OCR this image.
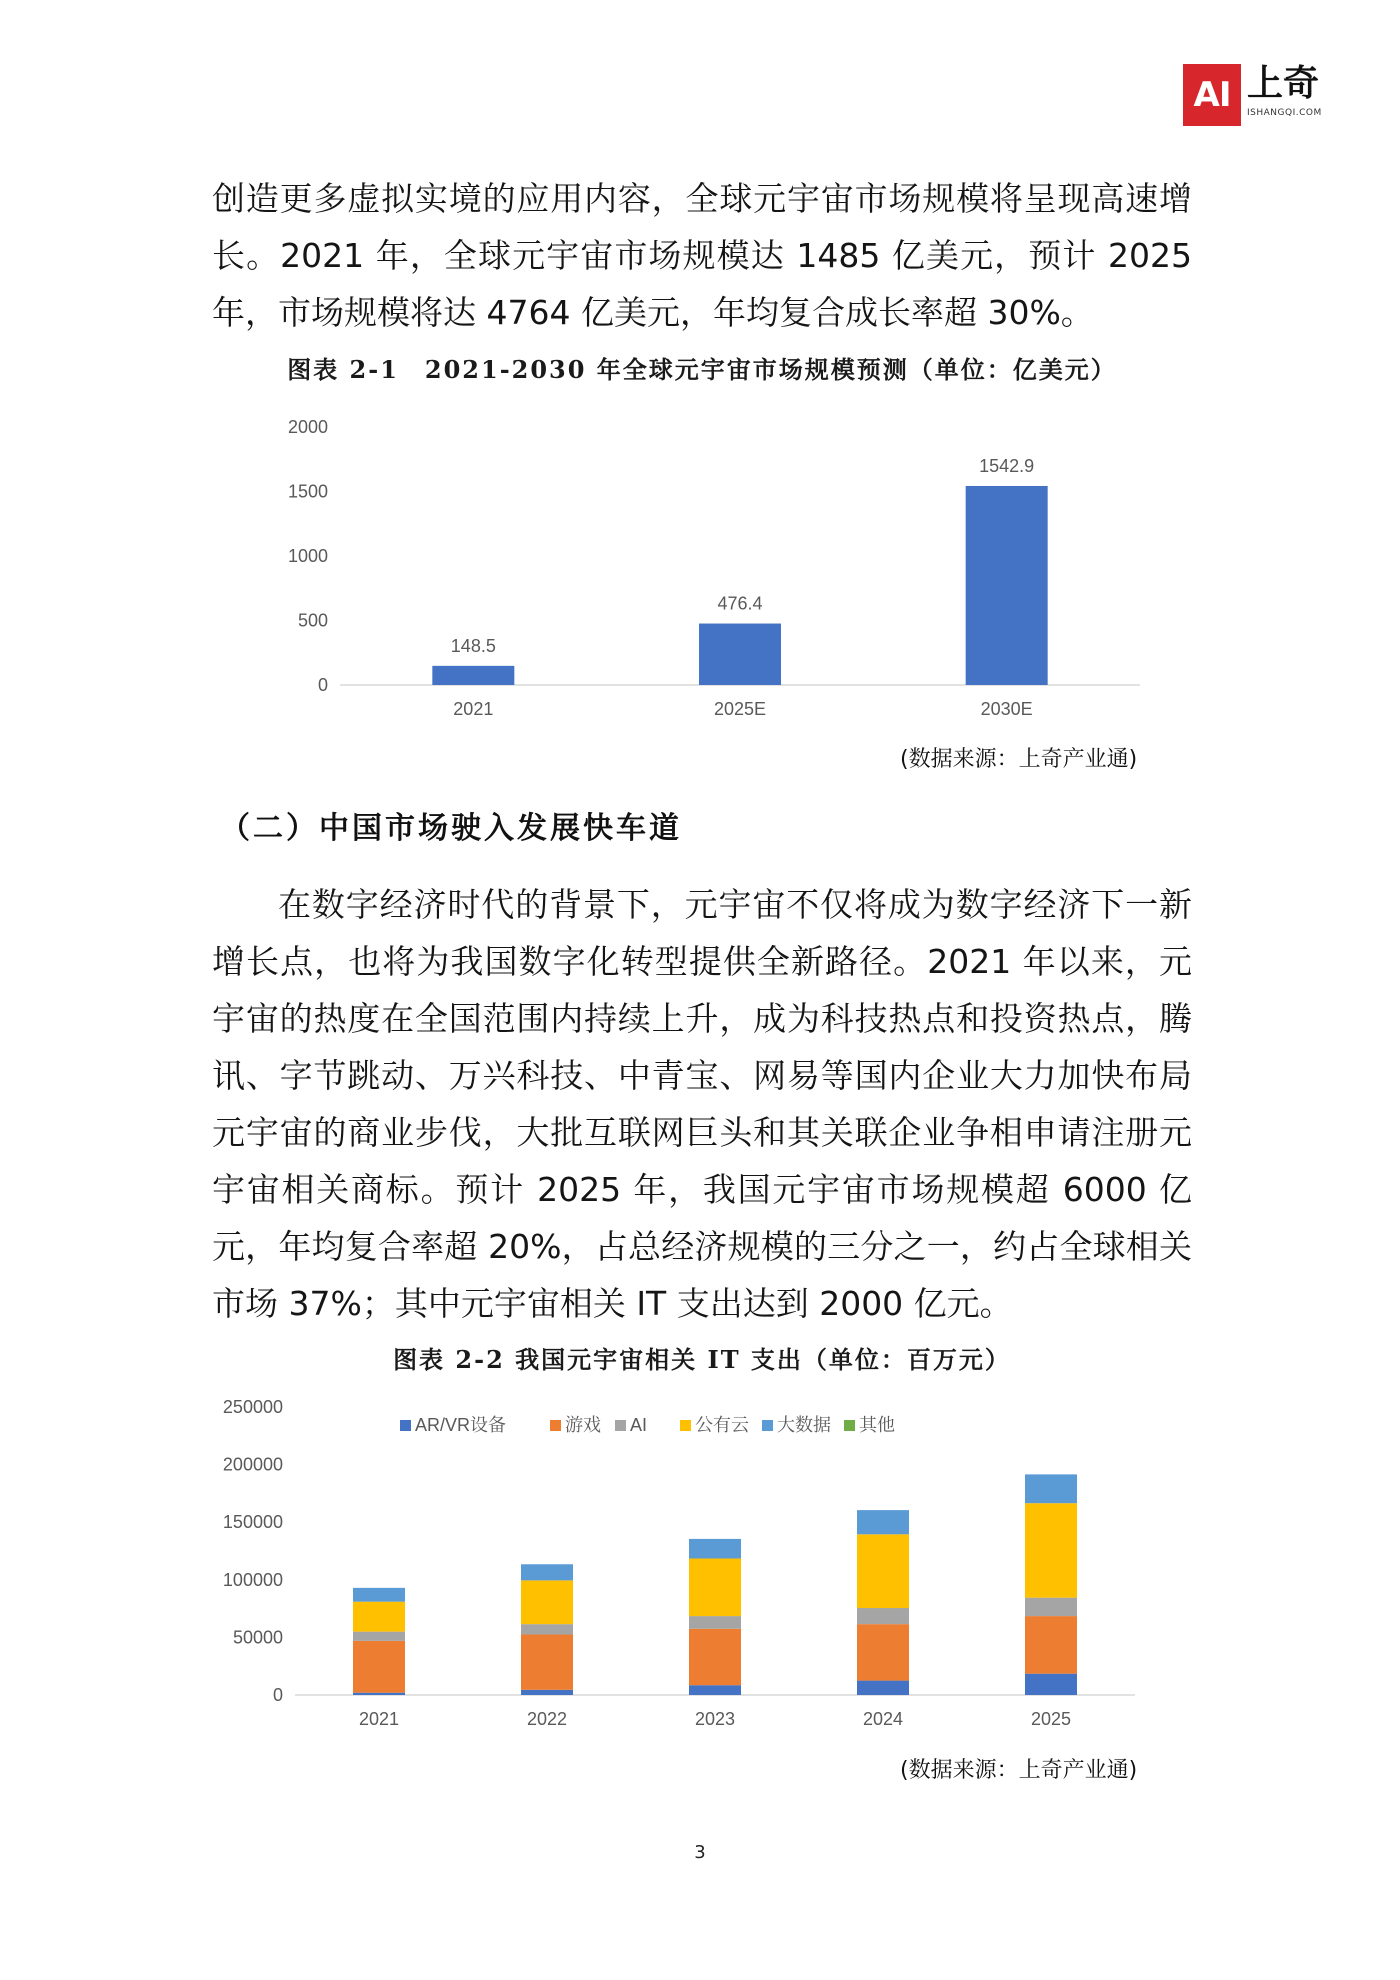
AI 上奇
ISHANGQI.COM

创造更多虚拟实境的应用内容，全球元宇宙市场规模将呈现高速增长。2021 年，全球元宇宙市场规模达 1485 亿美元，预计 2025 年，市场规模将达 4764 亿美元，年均复合成长率超 30%。

图表 2-1　2021-2030 年全球元宇宙市场规模预测（单位：亿美元）

0
500
1000
1500
2000
148.5
2021
476.4
2025E
1542.9
2030E

(数据来源：上奇产业通)

（二）中国市场驶入发展快车道

在数字经济时代的背景下，元宇宙不仅将成为数字经济下一新增长点，也将为我国数字化转型提供全新路径。2021 年以来，元宇宙的热度在全国范围内持续上升，成为科技热点和投资热点，腾讯、字节跳动、万兴科技、中青宝、网易等国内企业大力加快布局元宇宙的商业步伐，大批互联网巨头和其关联企业争相申请注册元宇宙相关商标。预计 2025 年，我国元宇宙市场规模超 6000 亿元，年均复合率超 20%，占总经济规模的三分之一，约占全球相关市场 37%；其中元宇宙相关 IT 支出达到 2000 亿元。

图表 2-2 我国元宇宙相关 IT 支出（单位：百万元）

0
50000
100000
150000
200000
250000
AR/VR设备	游戏 AI	公有云 大数据 其他
2021	2022	2023	2024	2025

(数据来源：上奇产业通)

3
